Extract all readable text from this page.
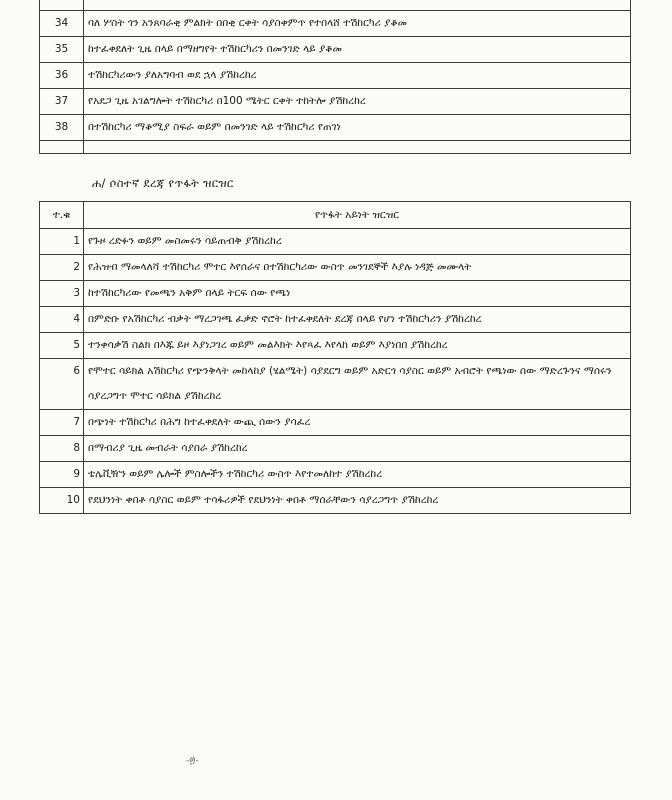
34	ባለ ሦስት ጎን አንጸባራቂ ምልክት በበቂ ርቀት ሳያስቀምጥ የተበላሸ ተሽከርካሪ ያቆመ
35	ከተፈቀደለት ጊዜ በላይ በማዘግየት ተሽከርካሪን በመንገድ ላይ ያቆመ
36	ተሽከርካሪውን ያለአግባብ ወደ ኋላ ያሽከረከረ
37	የአደጋ ጊዜ አገልግሎት ተሽከርካሪ በ100 ሜትር ርቀት ተከትሎ ያሽከረከረ
38	በተሽከርካሪ ማቆሚያ ስፍራ ወይም በመንገድ ላይ ተሽከርካሪ የጠገነ

ሐ/ ሶስተኛ ደረጃ የጥፋት ዝርዝር
ተ.ቁ	የጥፋት አይነት ዝርዝር
1	የጉዞ ረድፉን ወይም መስመሩን ሳይጠብቅ ያሽከረከረ
2	የሕዝብ ማመላለሻ ተሽከርካሪ ሞተር እየሰራና በተሽከርካሪው ውስጥ መንገደኞች እያሉ ነዳጅ መሙላት
3	ከተሽከርካሪው የመጫን አቅም በላይ ትርፍ ሰው የጫነ
4	በምድቡ የአሽከርካሪ ብቃት ማረጋገጫ ፈቃድ ኖሮት ከተፈቀደለት ደረጃ በላይ የሆነ ተሽከርካሪን ያሽከረከረ
5	ተንቀሳቃሽ ስልክ በእጁ ይዞ እያነጋገረ ወይም መልእክት እየጻፈ እየላከ ወይም እያነበበ ያሽከረከረ
6	የሞተር ሳይክል አሽከርካሪ የጭንቅላት መከላከያ (ሄልሜት) ሳያደርግ ወይም አድርጎ ሳያስር ወይም አብሮት የጫነው ሰው ማድረጉንና ማሰሩን ሳያረጋግጥ ሞተር ሳይክል ያሽከረከረ
7	በጭነት ተሽከርካሪ በሕግ ከተፈቀደለት ውጪ ሰውን ያሳፈረ
8	በማብሪያ ጊዜ መብራት ሳያበራ ያሽከረከረ
9	ቴሌቪዥን ወይም ሌሎች ምስሎችን ተሽከርካሪ ውስጥ እየተመለከተ ያሽከረከረ
10	የደህንነት ቀበቶ ሳያስር ወይም ተሳፋሪዎች የደህንነት ቀበቶ ማሰራቸውን ሳያረጋግጥ ያሽከረከረ
-፴-
